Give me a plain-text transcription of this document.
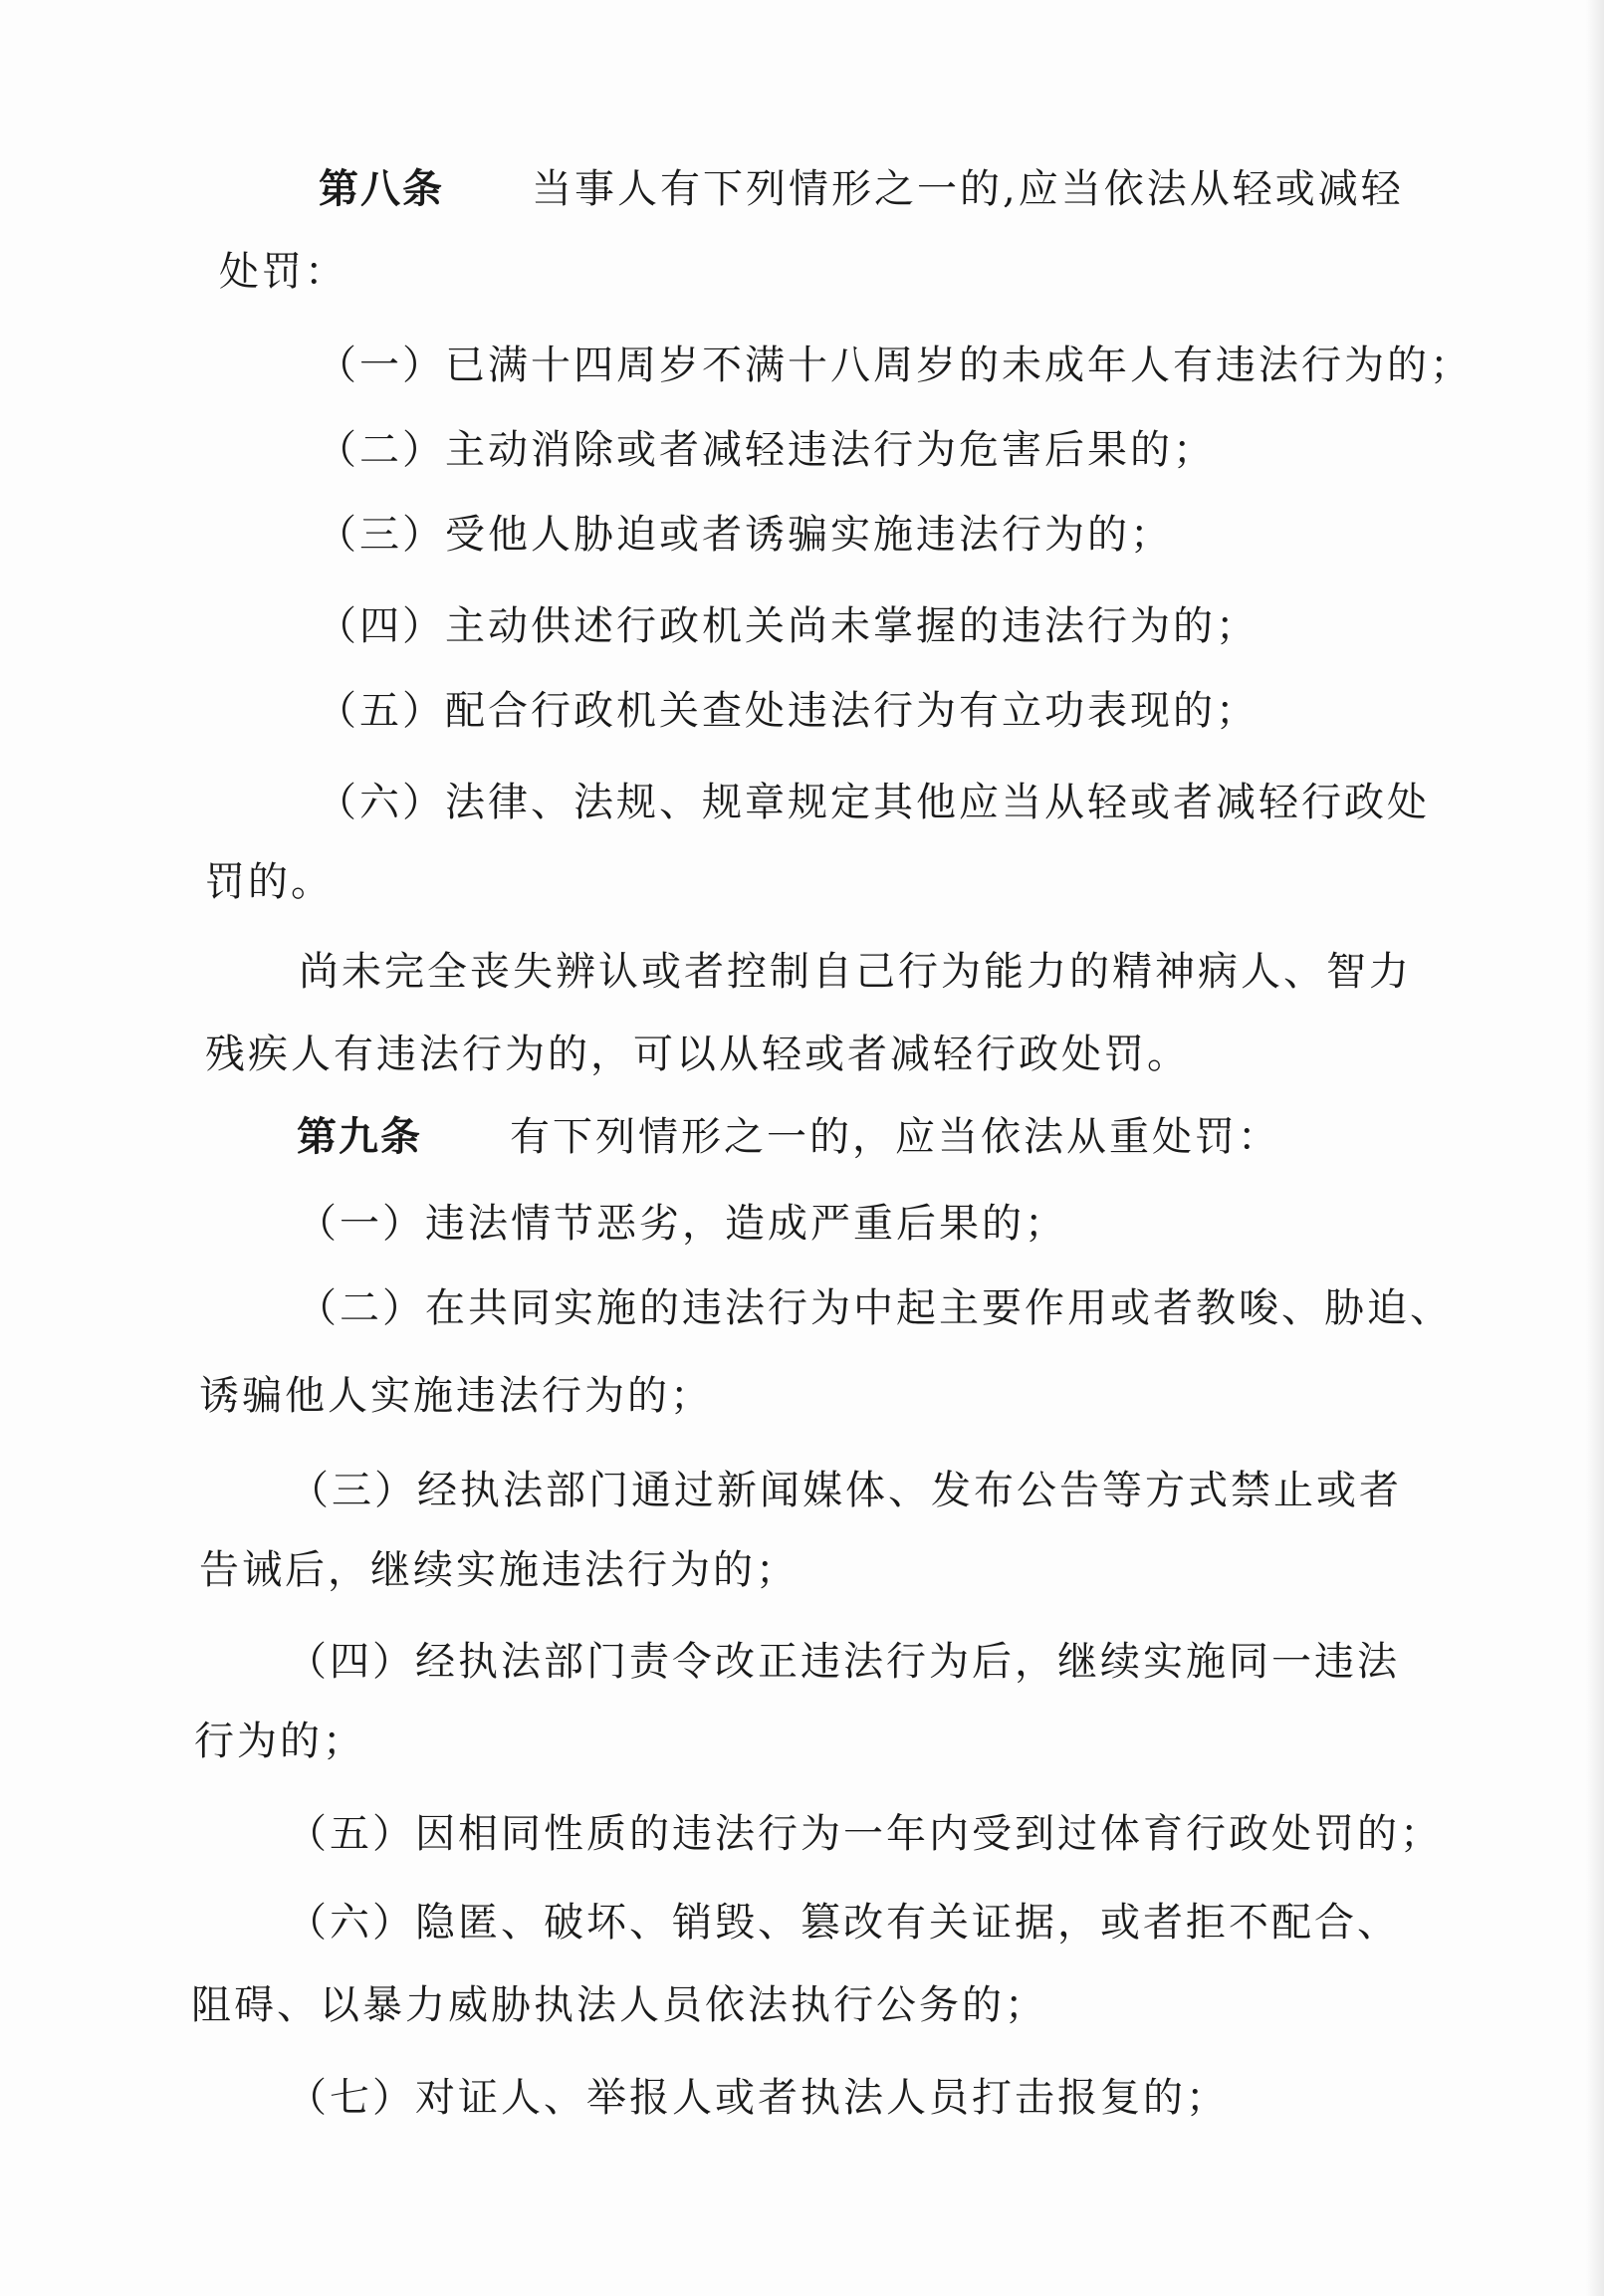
第八条 当事人有下列情形之一的,应当依法从轻或减轻
处罚：
（一）已满十四周岁不满十八周岁的未成年人有违法行为的；
（二）主动消除或者减轻违法行为危害后果的；
（三）受他人胁迫或者诱骗实施违法行为的；
（四）主动供述行政机关尚未掌握的违法行为的；
（五）配合行政机关查处违法行为有立功表现的；
（六）法律、法规、规章规定其他应当从轻或者减轻行政处
罚的。
尚未完全丧失辨认或者控制自己行为能力的精神病人、智力
残疾人有违法行为的，可以从轻或者减轻行政处罚。
第九条 有下列情形之一的，应当依法从重处罚：
（一）违法情节恶劣，造成严重后果的；
（二）在共同实施的违法行为中起主要作用或者教唆、胁迫、
诱骗他人实施违法行为的；
（三）经执法部门通过新闻媒体、发布公告等方式禁止或者
告诫后，继续实施违法行为的；
（四）经执法部门责令改正违法行为后，继续实施同一违法
行为的；
（五）因相同性质的违法行为一年内受到过体育行政处罚的；
（六）隐匿、破坏、销毁、篡改有关证据，或者拒不配合、
阻碍、以暴力威胁执法人员依法执行公务的；
（七）对证人、举报人或者执法人员打击报复的；
